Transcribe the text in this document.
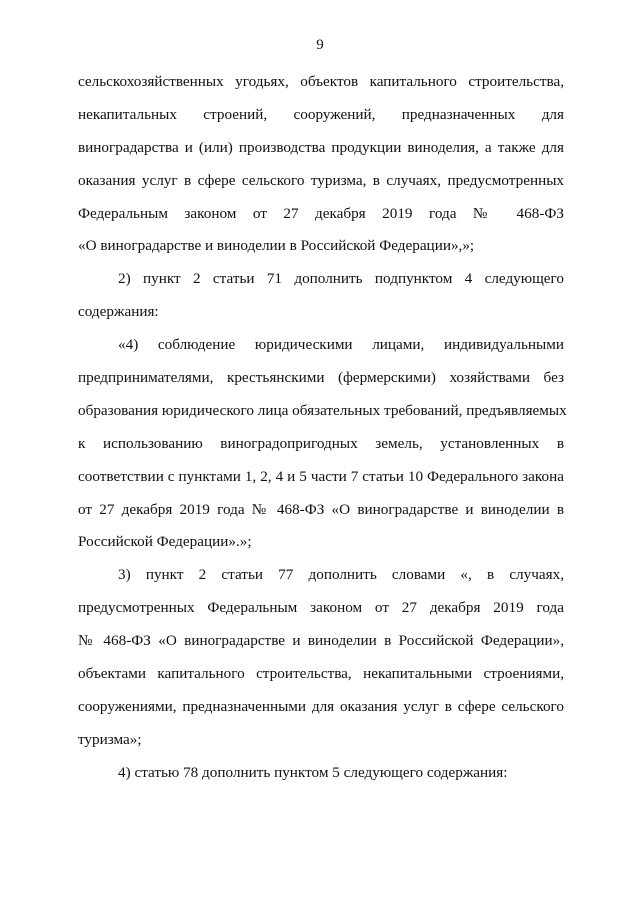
9
сельскохозяйственных угодьях, объектов капитального строительства,
некапитальных строений, сооружений, предназначенных для
виноградарства и (или) производства продукции виноделия, а также для
оказания услуг в сфере сельского туризма, в случаях, предусмотренных
Федеральным законом от 27 декабря 2019 года № 468-ФЗ
«О виноградарстве и виноделии в Российской Федерации»,»;
2) пункт 2 статьи 71 дополнить подпунктом 4 следующего
содержания:
«4) соблюдение юридическими лицами, индивидуальными
предпринимателями, крестьянскими (фермерскими) хозяйствами без
образования юридического лица обязательных требований, предъявляемых
к использованию виноградопригодных земель, установленных в
соответствии с пунктами 1, 2, 4 и 5 части 7 статьи 10 Федерального закона
от 27 декабря 2019 года № 468-ФЗ «О виноградарстве и виноделии в
Российской Федерации».»;
3) пункт 2 статьи 77 дополнить словами «, в случаях,
предусмотренных Федеральным законом от 27 декабря 2019 года
№ 468-ФЗ «О виноградарстве и виноделии в Российской Федерации»,
объектами капитального строительства, некапитальными строениями,
сооружениями, предназначенными для оказания услуг в сфере сельского
туризма»;
4) статью 78 дополнить пунктом 5 следующего содержания:
